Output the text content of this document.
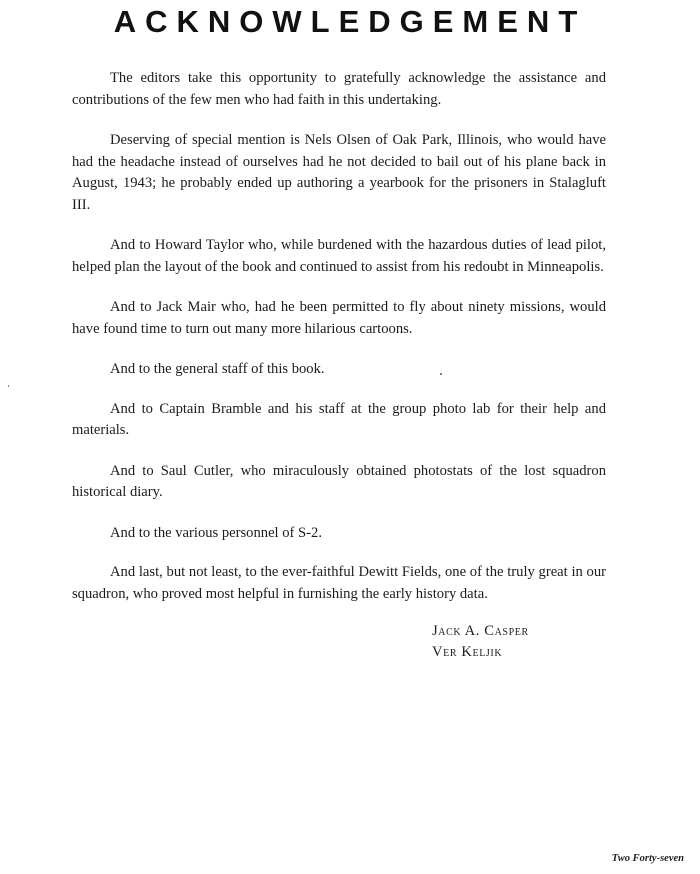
ACKNOWLEDGEMENT

The editors take this opportunity to gratefully acknowledge the assistance and contributions of the few men who had faith in this undertaking.

Deserving of special mention is Nels Olsen of Oak Park, Illinois, who would have had the headache instead of ourselves had he not decided to bail out of his plane back in August, 1943; he probably ended up authoring a yearbook for the prisoners in Stalagluft III.

And to Howard Taylor who, while burdened with the hazardous duties of lead pilot, helped plan the layout of the book and continued to assist from his redoubt in Minneapolis.

And to Jack Mair who, had he been permitted to fly about ninety missions, would have found time to turn out many more hilarious cartoons.

And to the general staff of this book.

And to Captain Bramble and his staff at the group photo lab for their help and materials.

And to Saul Cutler, who miraculously obtained photostats of the lost squadron historical diary.

And to the various personnel of S-2.

And last, but not least, to the ever-faithful Dewitt Fields, one of the truly great in our squadron, who proved most helpful in furnishing the early history data.

Jack A. Casper
Ver Keljik
Two Forty-seven
